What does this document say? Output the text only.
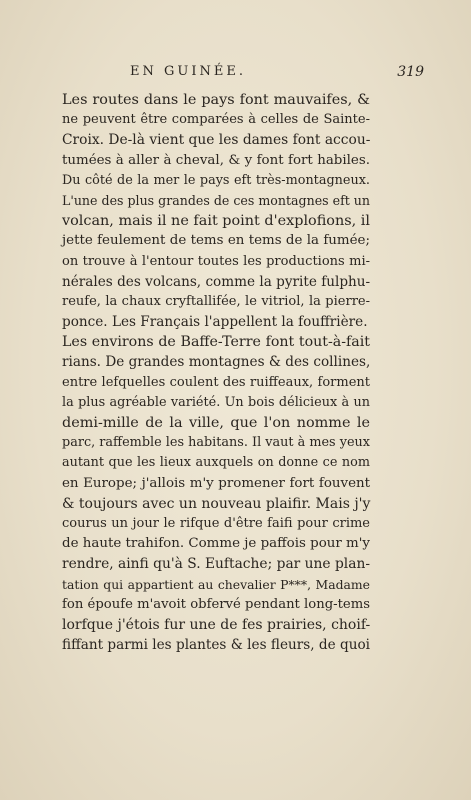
EN GUINÉE.	319
Les routes dans le pays font mauvaifes, &
ne peuvent être comparées à celles de Sainte-
Croix. De-là vient que les dames font accou-
tumées à aller à cheval, & y font fort habiles.
Du côté de la mer le pays eft très-montagneux.
L'une des plus grandes de ces montagnes eft un
volcan, mais il ne fait point d'explofions, il
jette feulement de tems en tems de la fumée;
on trouve à l'entour toutes les productions mi-
nérales des volcans, comme la pyrite fulphu-
reufe, la chaux cryftallifée, le vitriol, la pierre-
ponce. Les Français l'appellent la fouffrière.
Les environs de Baffe-Terre font tout-à-fait
rians. De grandes montagnes & des collines,
entre lefquelles coulent des ruiffeaux, forment
la plus agréable variété. Un bois délicieux à un
demi-mille de la ville, que l'on nomme le
parc, raffemble les habitans. Il vaut à mes yeux
autant que les lieux auxquels on donne ce nom
en Europe; j'allois m'y promener fort fouvent
& toujours avec un nouveau plaifir. Mais j'y
courus un jour le rifque d'être faifi pour crime
de haute trahifon. Comme je paffois pour m'y
rendre, ainfi qu'à S. Euftache; par une plan-
tation qui appartient au chevalier P***, Madame
fon époufe m'avoit obfervé pendant long-tems
lorfque j'étois fur une de fes prairies, choif-
fiffant parmi les plantes & les fleurs, de quoi
